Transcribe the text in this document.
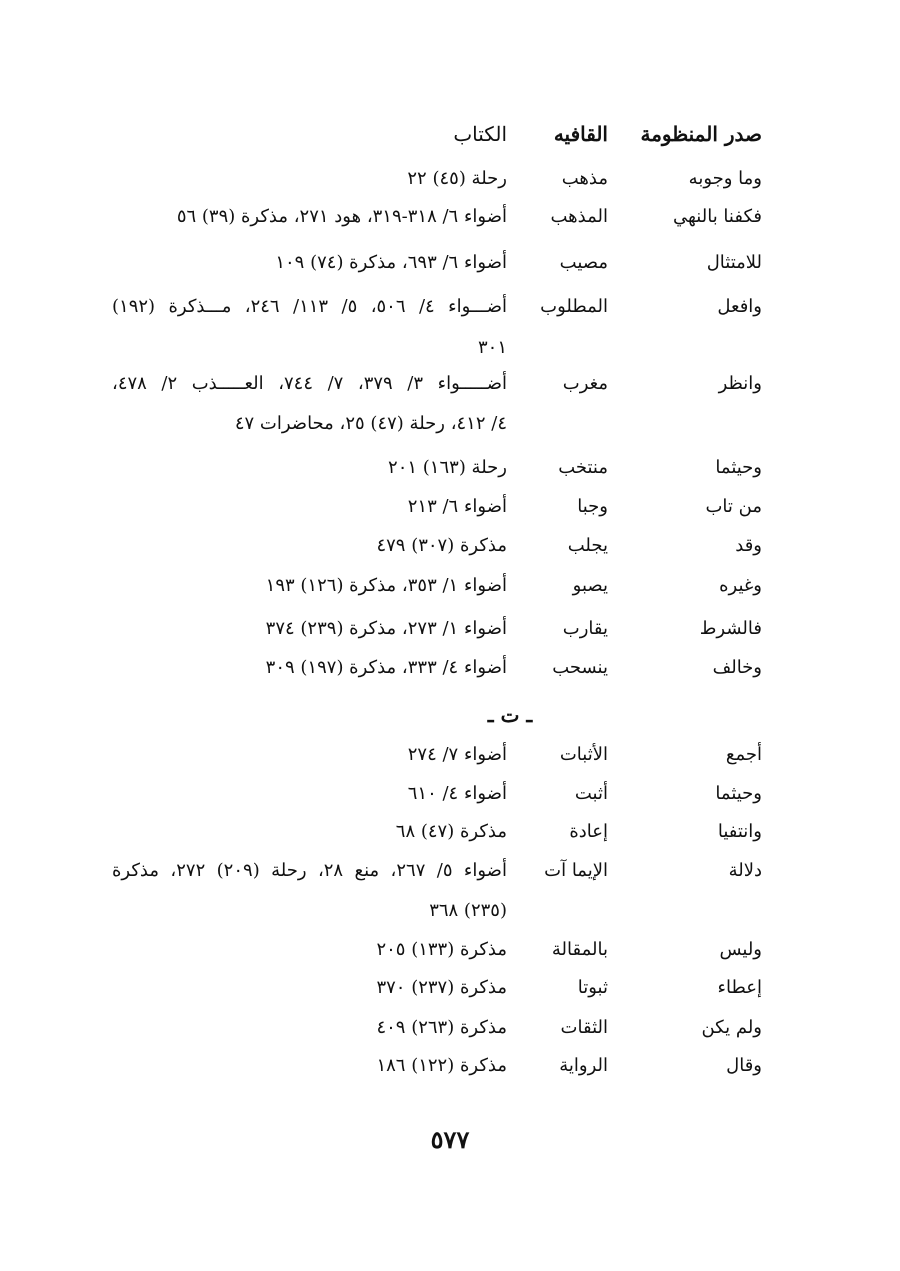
صدر المنظومة
القافيه
الكتاب
وما وجوبه
مذهب
رحلة (٤٥) ٢٢
فكفنا بالنهي
المذهب
أضواء ٦/ ٣١٨-٣١٩، هود ٢٧١، مذكرة (٣٩) ٥٦
للامتثال
مصيب
أضواء ٦/ ٦٩٣، مذكرة (٧٤) ١٠٩
وافعل
المطلوب
أضـــواء ٤/ ٥٠٦، ٥/ ١١٣/ ٢٤٦، مـــذكرة (١٩٢)
٣٠١
وانظر
مغرب
أضـــــواء ٣/ ٣٧٩، ٧/ ٧٤٤، العـــــذب ٢/ ٤٧٨،
٤/ ٤١٢، رحلة (٤٧) ٢٥، محاضرات ٤٧
وحيثما
منتخب
رحلة (١٦٣) ٢٠١
من تاب
وجبا
أضواء ٦/ ٢١٣
وقد
يجلب
مذكرة (٣٠٧) ٤٧٩
وغيره
يصبو
أضواء ١/ ٣٥٣، مذكرة (١٢٦) ١٩٣
فالشرط
يقارب
أضواء ١/ ٢٧٣، مذكرة (٢٣٩) ٣٧٤
وخالف
ينسحب
أضواء ٤/ ٣٣٣، مذكرة (١٩٧) ٣٠٩
ـ ت ـ
أجمع
الأثبات
أضواء ٧/ ٢٧٤
وحيثما
أثبت
أضواء ٤/ ٦١٠
وانتفيا
إعادة
مذكرة (٤٧) ٦٨
دلالة
الإيما آت
أضواء ٥/ ٢٦٧، منع ٢٨، رحلة (٢٠٩) ٢٧٢، مذكرة
(٢٣٥) ٣٦٨
وليس
بالمقالة
مذكرة (١٣٣) ٢٠٥
إعطاء
ثبوتا
مذكرة (٢٣٧) ٣٧٠
ولم يكن
الثقات
مذكرة (٢٦٣) ٤٠٩
وقال
الرواية
مذكرة (١٢٢) ١٨٦
٥٧٧
